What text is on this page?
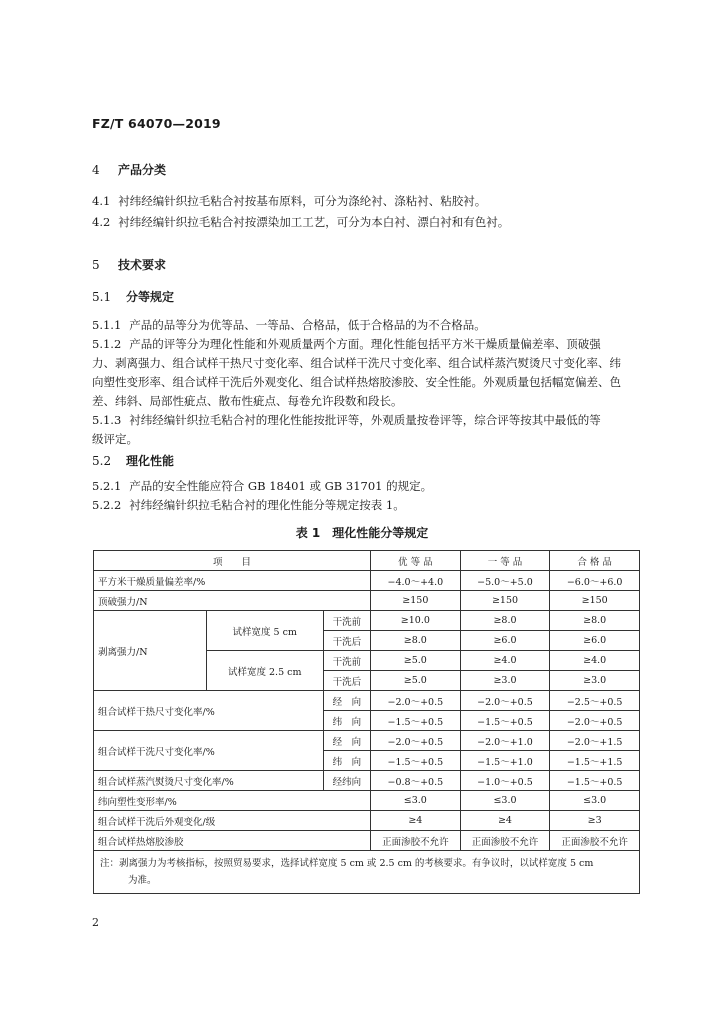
FZ/T 64070—2019
4 产品分类
4.1 衬纬经编针织拉毛粘合衬按基布原料，可分为涤纶衬、涤粘衬、粘胶衬。
4.2 衬纬经编针织拉毛粘合衬按漂染加工工艺，可分为本白衬、漂白衬和有色衬。
5 技术要求
5.1 分等规定
5.1.1 产品的品等分为优等品、一等品、合格品，低于合格品的为不合格品。
5.1.2 产品的评等分为理化性能和外观质量两个方面。理化性能包括平方米干燥质量偏差率、顶破强
力、剥离强力、组合试样干热尺寸变化率、组合试样干洗尺寸变化率、组合试样蒸汽熨烫尺寸变化率、纬
向塑性变形率、组合试样干洗后外观变化、组合试样热熔胶渗胶、安全性能。外观质量包括幅宽偏差、色
差、纬斜、局部性疵点、散布性疵点、每卷允许段数和段长。
5.1.3 衬纬经编针织拉毛粘合衬的理化性能按批评等，外观质量按卷评等，综合评等按其中最低的等
级评定。
5.2 理化性能
5.2.1 产品的安全性能应符合 GB 18401 或 GB 31701 的规定。
5.2.2 衬纬经编针织拉毛粘合衬的理化性能分等规定按表 1。
表 1　理化性能分等规定
项　　目			优 等 品	一 等 品	合 格 品
平方米干燥质量偏差率/%			−4.0～+4.0	−5.0～+5.0	−6.0～+6.0
顶破强力/N			≥150	≥150	≥150
剥离强力/N	试样宽度 5 cm	干洗前	≥10.0	≥8.0	≥8.0
		干洗后	≥8.0	≥6.0	≥6.0
	试样宽度 2.5 cm	干洗前	≥5.0	≥4.0	≥4.0
		干洗后	≥5.0	≥3.0	≥3.0
组合试样干热尺寸变化率/%		经　向	−2.0～+0.5	−2.0～+0.5	−2.5～+0.5
		纬　向	−1.5～+0.5	−1.5～+0.5	−2.0～+0.5
组合试样干洗尺寸变化率/%		经　向	−2.0～+0.5	−2.0～+1.0	−2.0～+1.5
		纬　向	−1.5～+0.5	−1.5～+1.0	−1.5～+1.5
组合试样蒸汽熨烫尺寸变化率/%		经纬向	−0.8～+0.5	−1.0～+0.5	−1.5～+0.5
纬向塑性变形率/%			≤3.0	≤3.0	≤3.0
组合试样干洗后外观变化/级			≥4	≥4	≥3
组合试样热熔胶渗胶			正面渗胶不允许	正面渗胶不允许	正面渗胶不允许

注：剥离强力为考核指标，按照贸易要求，选择试样宽度 5 cm 或 2.5 cm 的考核要求。有争议时，以试样宽度 5 cm
为准。					
2
